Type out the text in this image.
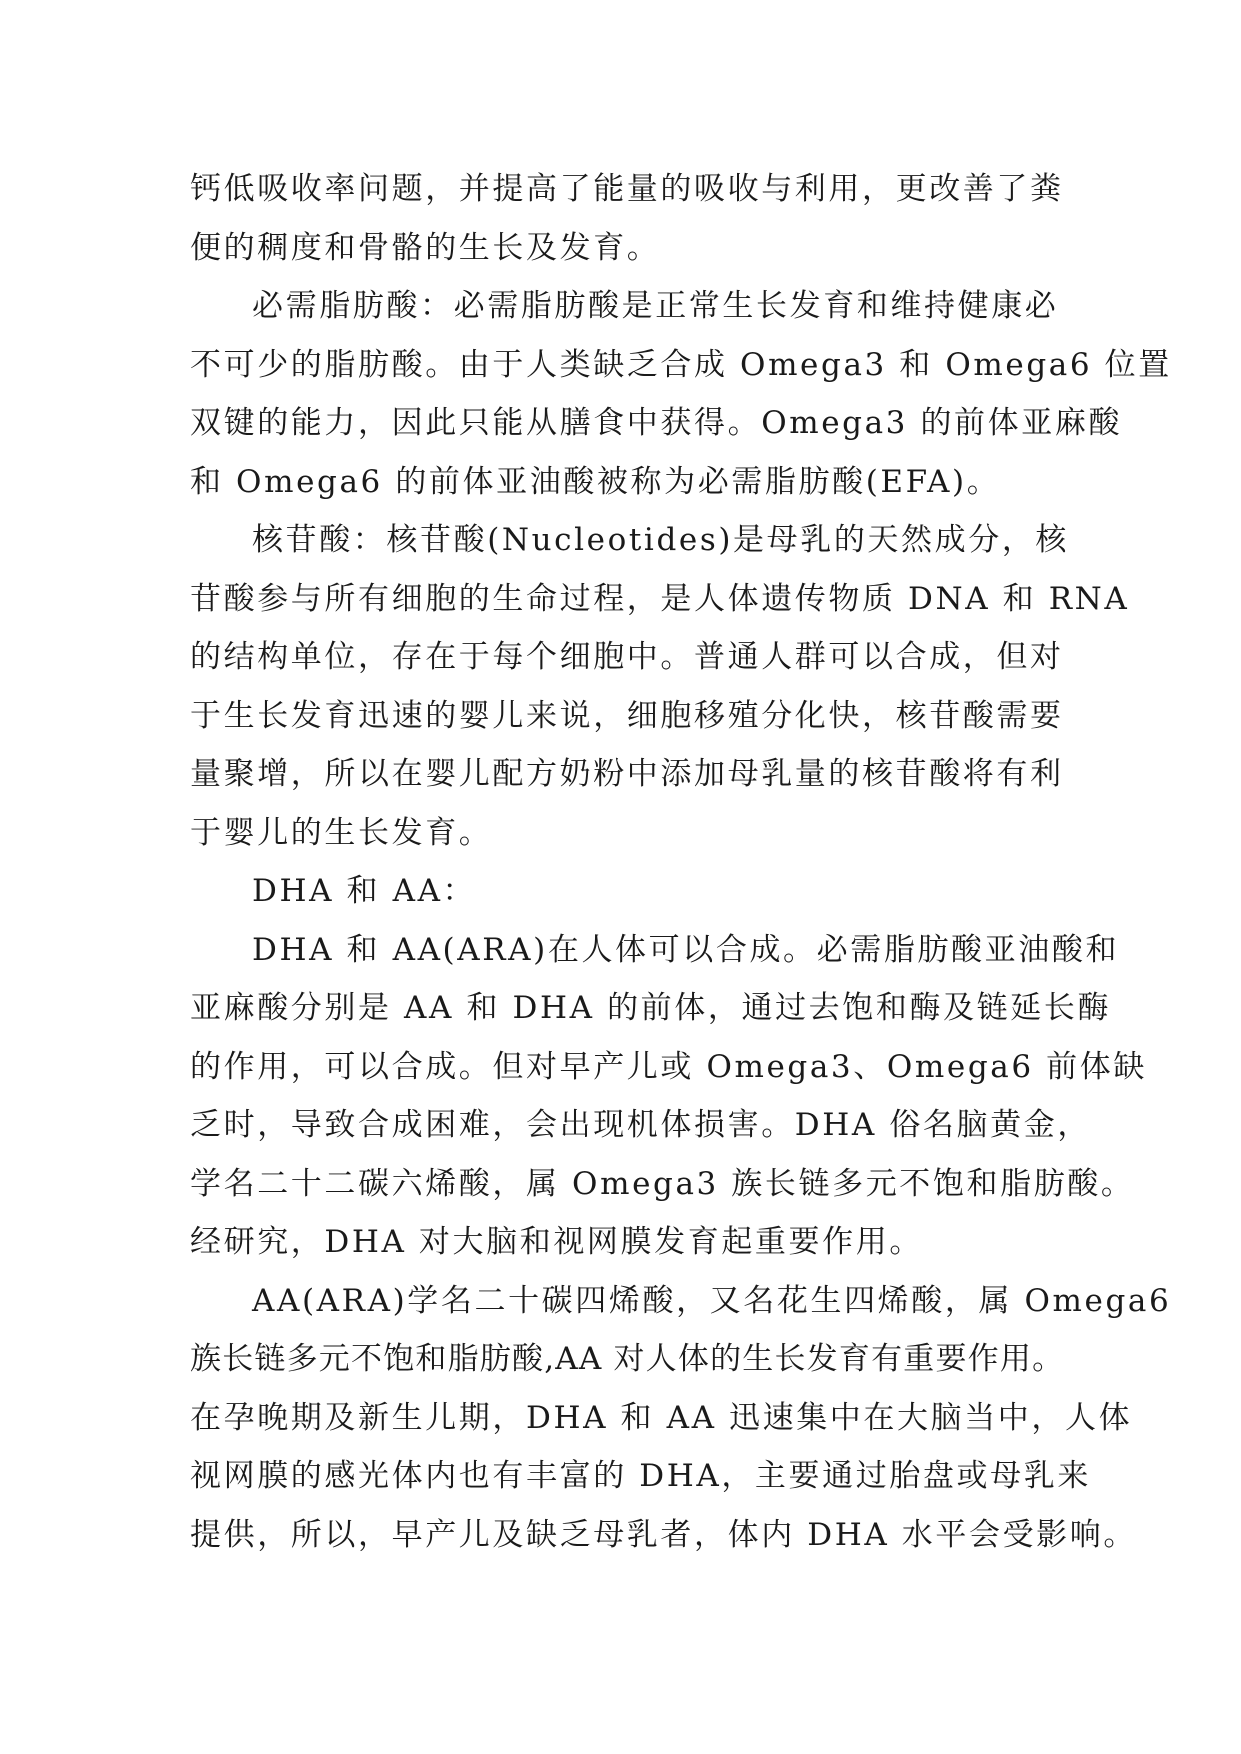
钙低吸收率问题，并提高了能量的吸收与利用，更改善了粪
便的稠度和骨骼的生长及发育。
必需脂肪酸：必需脂肪酸是正常生长发育和维持健康必
不可少的脂肪酸。由于人类缺乏合成 Omega3 和 Omega6 位置
双键的能力，因此只能从膳食中获得。Omega3 的前体亚麻酸
和 Omega6 的前体亚油酸被称为必需脂肪酸(EFA)。
核苷酸：核苷酸(Nucleotides)是母乳的天然成分，核
苷酸参与所有细胞的生命过程，是人体遗传物质 DNA 和 RNA
的结构单位，存在于每个细胞中。普通人群可以合成，但对
于生长发育迅速的婴儿来说，细胞移殖分化快，核苷酸需要
量聚增，所以在婴儿配方奶粉中添加母乳量的核苷酸将有利
于婴儿的生长发育。
DHA 和 AA：
DHA 和 AA(ARA)在人体可以合成。必需脂肪酸亚油酸和
亚麻酸分别是 AA 和 DHA 的前体，通过去饱和酶及链延长酶
的作用，可以合成。但对早产儿或 Omega3、Omega6 前体缺
乏时，导致合成困难，会出现机体损害。DHA 俗名脑黄金，
学名二十二碳六烯酸，属 Omega3 族长链多元不饱和脂肪酸。
经研究，DHA 对大脑和视网膜发育起重要作用。
AA(ARA)学名二十碳四烯酸，又名花生四烯酸，属 Omega6
族长链多元不饱和脂肪酸,AA 对人体的生长发育有重要作用。
在孕晚期及新生儿期，DHA 和 AA 迅速集中在大脑当中，人体
视网膜的感光体内也有丰富的 DHA，主要通过胎盘或母乳来
提供，所以，早产儿及缺乏母乳者，体内 DHA 水平会受影响。
